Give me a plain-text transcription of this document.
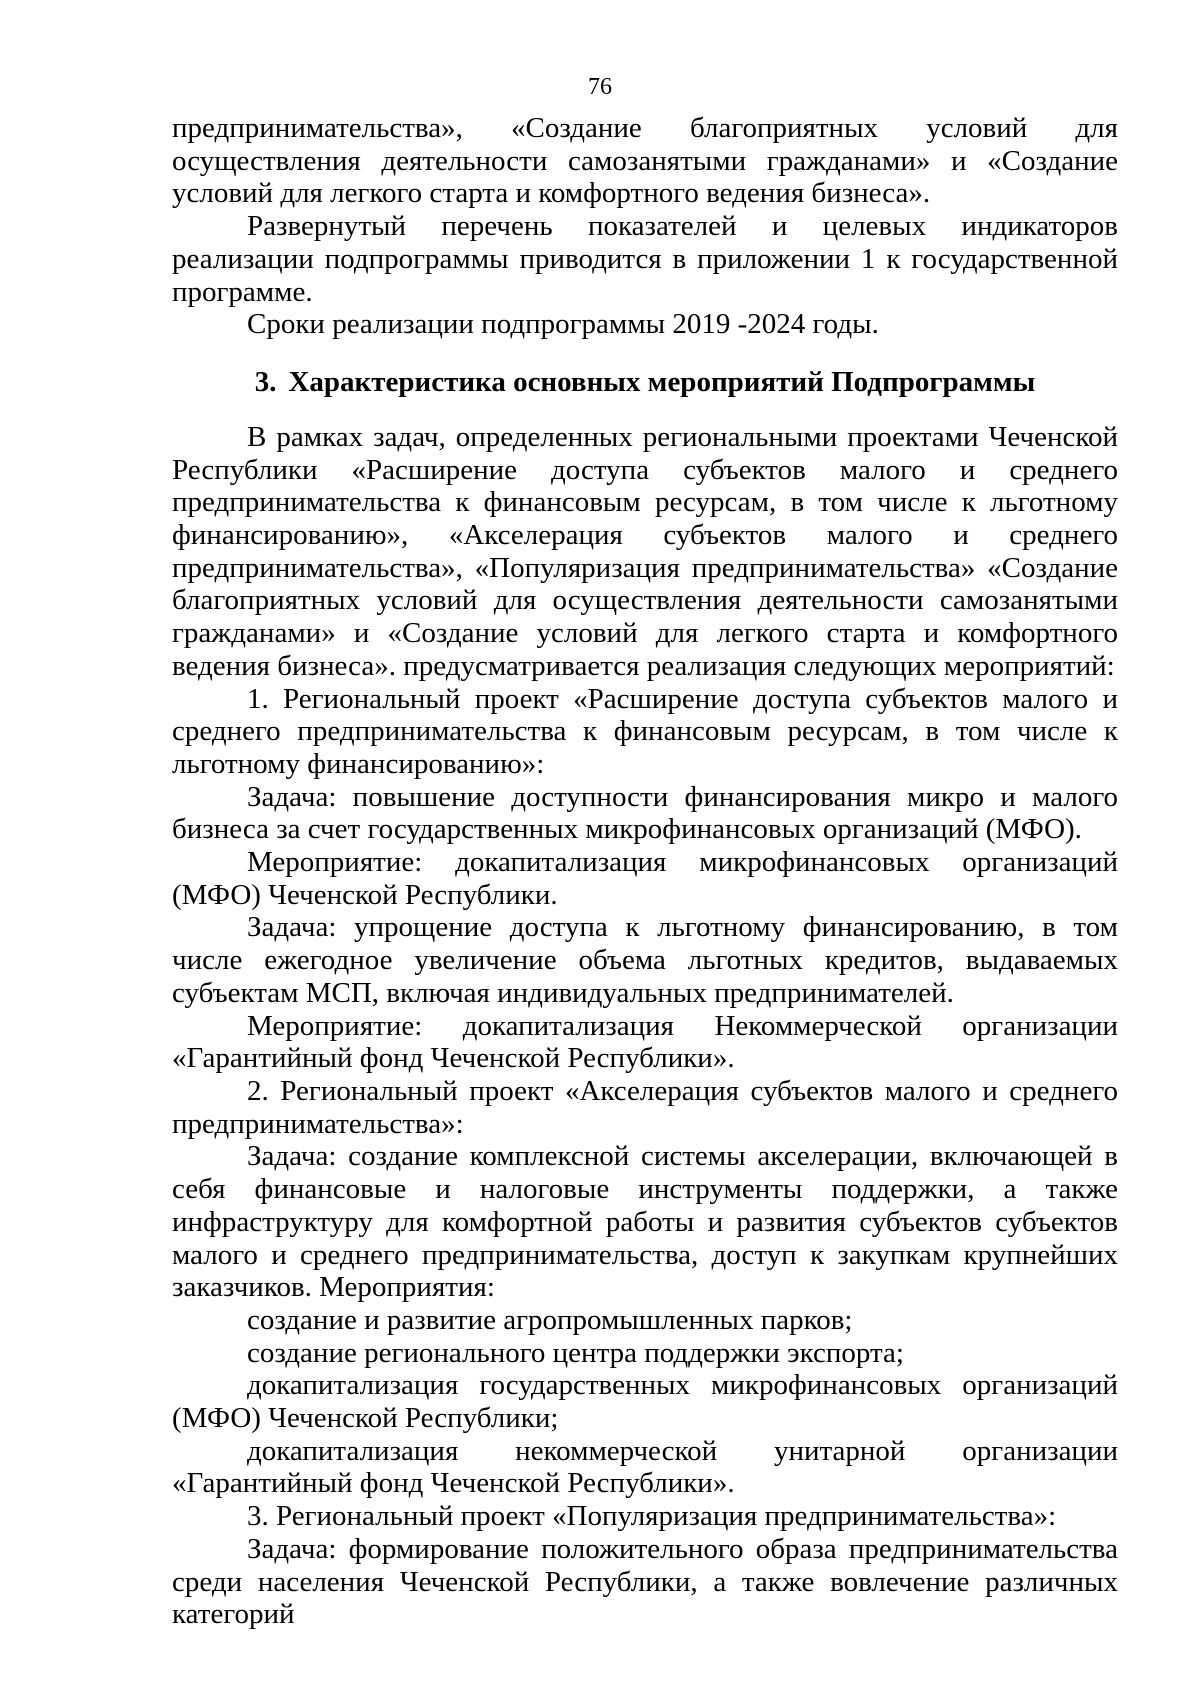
76

предпринимательства», «Создание благоприятных условий для осуществления деятельности самозанятыми гражданами» и «Создание условий для легкого старта и комфортного ведения бизнеса».

Развернутый перечень показателей и целевых индикаторов реализации подпрограммы приводится в приложении 1 к государственной программе.

Сроки реализации подпрограммы 2019 -2024 годы.

3. Характеристика основных мероприятий Подпрограммы

В рамках задач, определенных региональными проектами Чеченской Республики «Расширение доступа субъектов малого и среднего предпринимательства к финансовым ресурсам, в том числе к льготному финансированию», «Акселерация субъектов малого и среднего предпринимательства», «Популяризация предпринимательства» «Создание благоприятных условий для осуществления деятельности самозанятыми гражданами» и «Создание условий для легкого старта и комфортного ведения бизнеса». предусматривается реализация следующих мероприятий:

1. Региональный проект «Расширение доступа субъектов малого и среднего предпринимательства к финансовым ресурсам, в том числе к льготному финансированию»:

Задача: повышение доступности финансирования микро и малого бизнеса за счет государственных микрофинансовых организаций (МФО).

Мероприятие: докапитализация микрофинансовых организаций (МФО) Чеченской Республики.

Задача: упрощение доступа к льготному финансированию, в том числе ежегодное увеличение объема льготных кредитов, выдаваемых субъектам МСП, включая индивидуальных предпринимателей.

Мероприятие: докапитализация Некоммерческой организации «Гарантийный фонд Чеченской Республики».

2. Региональный проект «Акселерация субъектов малого и среднего предпринимательства»:

Задача: создание комплексной системы акселерации, включающей в себя финансовые и налоговые инструменты поддержки, а также инфраструктуру для комфортной работы и развития субъектов субъектов малого и среднего предпринимательства, доступ к закупкам крупнейших заказчиков. Мероприятия:

создание и развитие агропромышленных парков;

создание регионального центра поддержки экспорта;

докапитализация государственных микрофинансовых организаций (МФО) Чеченской Республики;

докапитализация некоммерческой унитарной организации «Гарантийный фонд Чеченской Республики».

3. Региональный проект «Популяризация предпринимательства»:

Задача: формирование положительного образа предпринимательства среди населения Чеченской Республики, а также вовлечение различных категорий
